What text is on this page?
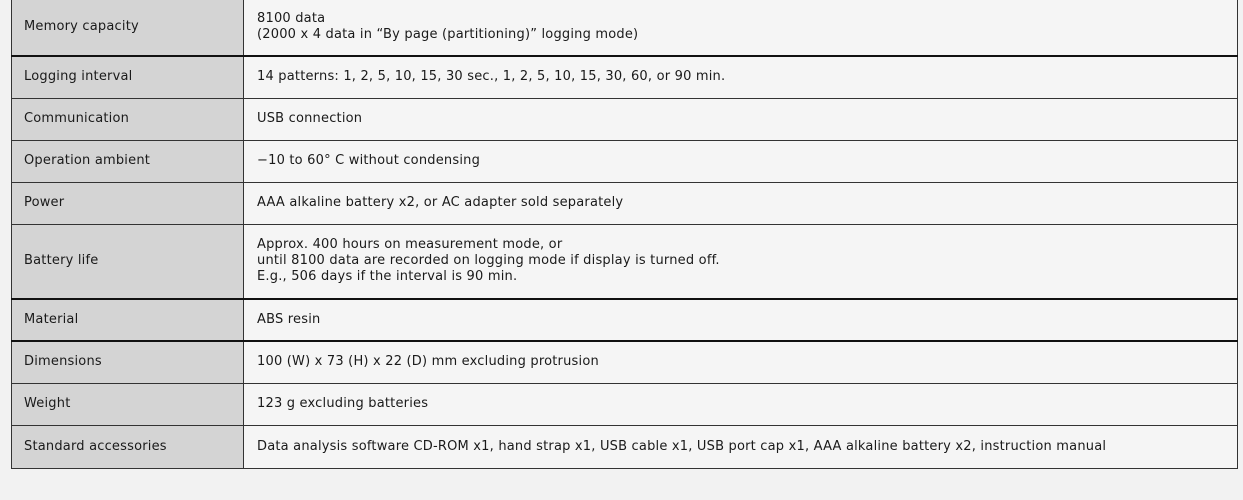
Memory capacity	8100 data
(2000 x 4 data in “By page (partitioning)” logging mode)

Logging interval	14 patterns: 1, 2, 5, 10, 15, 30 sec., 1, 2, 5, 10, 15, 30, 60, or 90 min.

Communication	USB connection

Operation ambient	−10 to 60° C without condensing

Power	AAA alkaline battery x2, or AC adapter sold separately

Battery life	Approx. 400 hours on measurement mode, or
until 8100 data are recorded on logging mode if display is turned off.
E.g., 506 days if the interval is 90 min.

Material	ABS resin

Dimensions	100 (W) x 73 (H) x 22 (D) mm excluding protrusion

Weight	123 g excluding batteries

Standard accessories	Data analysis software CD-ROM x1, hand strap x1, USB cable x1, USB port cap x1, AAA alkaline battery x2, instruction manual
